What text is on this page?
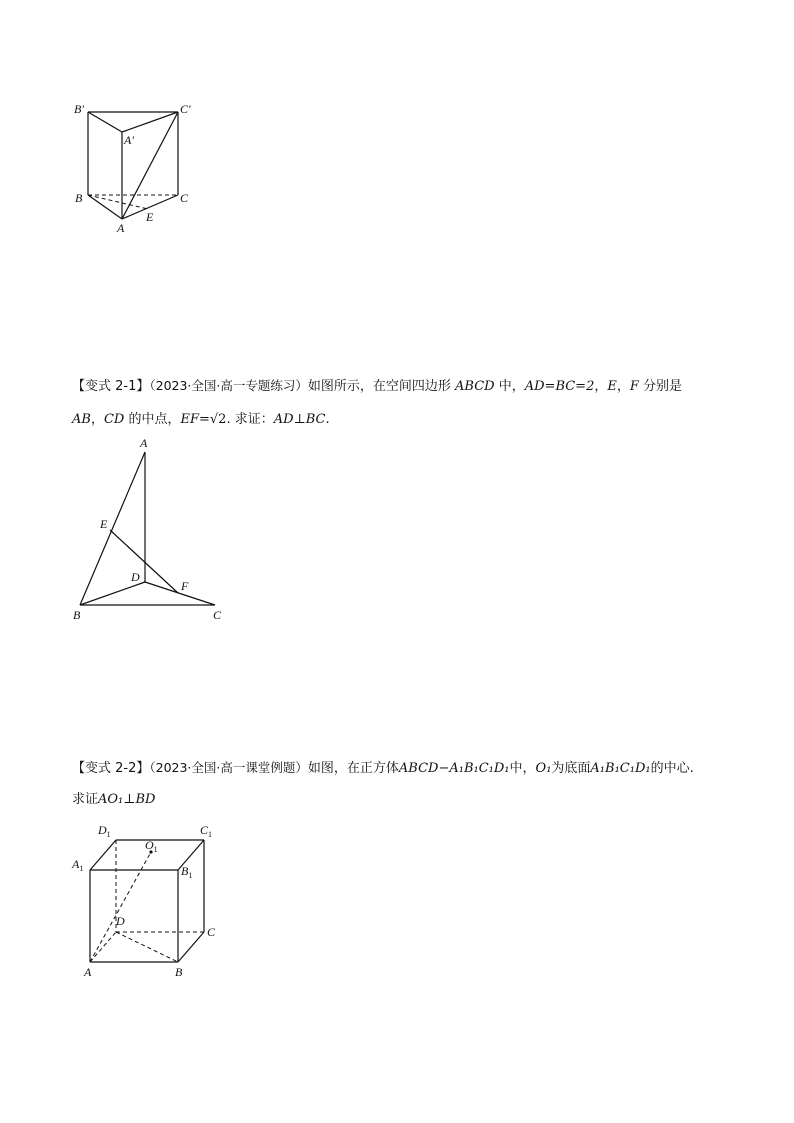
B′	C′
A′
B	C
A
E
【变式 2-1】（2023·全国·高一专题练习）如图所示，在空间四边形 ABCD 中，AD=BC=2，E，F 分别是
AB，CD 的中点，EF=√2. 求证：AD⊥BC.
A
E
D
F
B	C
【变式 2-2】（2023·全国·高一课堂例题）如图，在正方体ABCD−A₁B₁C₁D₁中，O₁为底面A₁B₁C₁D₁的中心.
求证AO₁⊥BD
$D_1$	$C_1$
$O_1$
$A_1$	$B_1$
D
C
A	B
